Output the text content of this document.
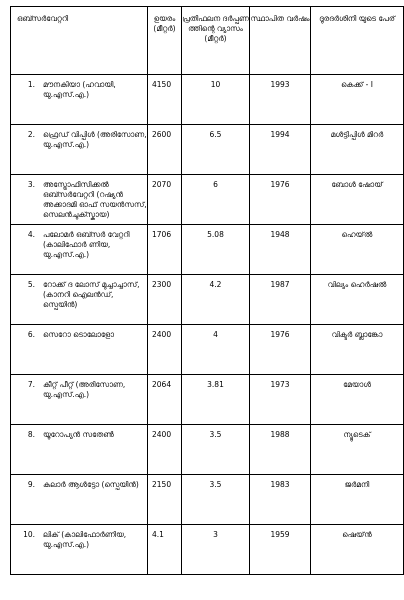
ഒബ്സർവേറ്ററി	ഉയരം (മീറ്റർ)	പ്രതിഫലന ദർപ്പണ ത്തിന്റെ വ്യാസം (മീറ്റർ)	സ്ഥാപിത വർഷം	ദൂരദർശിനി യുടെ പേര്

1. മൗനകിയാ (ഹവായി, യു.എസ്.എ.)	4150	10	1993	കെക്ക് - I

2. ഫ്രെഡ് വിപ്പിൾ (അരിസോണ, യു.എസ്.എ.)	2600	6.5	1994	മൾട്ടിപ്പിൾ മിറർ

3. അസ്ട്രോഫിസിക്കൽ ഒബ്സർവേറ്ററി (റഷ്യൻ അക്കാദമി ഓഫ് സയൻസസ്, സെലൻചുക്സ്കായ)	2070	6	1976	ബോൾ ഷോയ്

4. പലോമർ ഒബ്സർ വേറ്ററി (കാലിഫോർ ണിയ, യു.എസ്.എ.)	1706	5.08	1948	ഹെയ്ൽ

5. റോക്ക് ദ ലോസ് മുച്ചാച്ചാസ്, (കാനറി ഐലൻഡ്, സ്പെയിൻ)	2300	4.2	1987	വില്യം ഹെർഷൽ

6. സെറോ ടൊലോളോ	2400	4	1976	വിക്ടർ ബ്ലാങ്കോ

7. കീറ്റ് പീറ്റ് (അരിസോണ, യു.എസ്.എ.)	2064	3.81	1973	മേയാൾ

8. യൂറോപ്യൻ സതേൺ	2400	3.5	1988	ന്യൂടെക്

9. കലാർ ആൾട്ടോ (സ്പെയിൻ)	2150	3.5	1983	ജർമനി

10. ലിക് (കാലിഫോർണിയ, യു.എസ്.എ.)	4.1	3	1959	ഷെയ്ൻ
